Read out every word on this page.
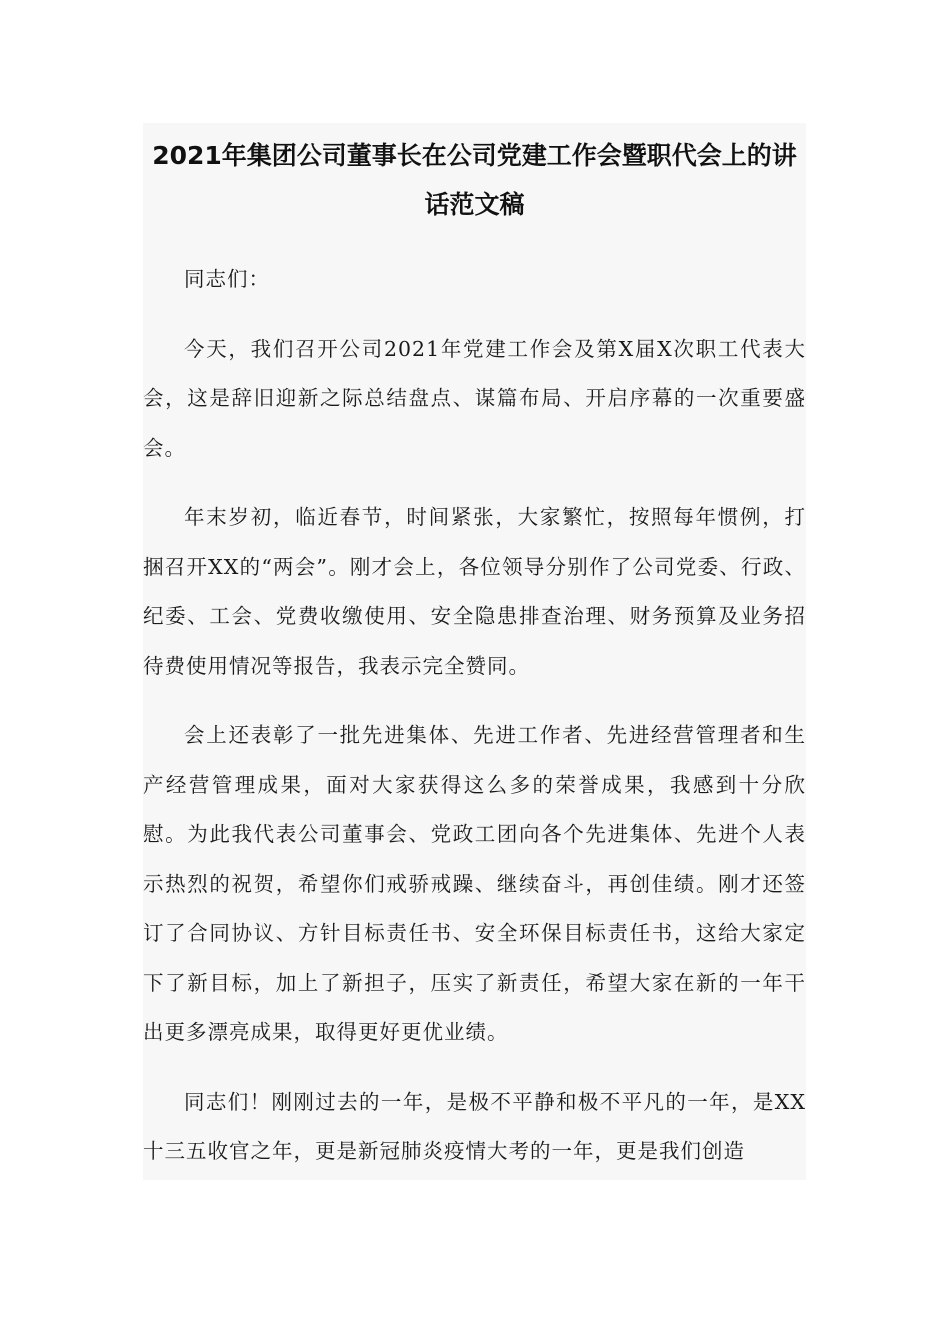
2021年集团公司董事长在公司党建工作会暨职代会上的讲话范文稿

同志们：

今天，我们召开公司2021年党建工作会及第X届X次职工代表大会，这是辞旧迎新之际总结盘点、谋篇布局、开启序幕的一次重要盛会。

年末岁初，临近春节，时间紧张，大家繁忙，按照每年惯例，打捆召开XX的“两会”。刚才会上，各位领导分别作了公司党委、行政、纪委、工会、党费收缴使用、安全隐患排查治理、财务预算及业务招待费使用情况等报告，我表示完全赞同。

会上还表彰了一批先进集体、先进工作者、先进经营管理者和生产经营管理成果，面对大家获得这么多的荣誉成果，我感到十分欣慰。为此我代表公司董事会、党政工团向各个先进集体、先进个人表示热烈的祝贺，希望你们戒骄戒躁、继续奋斗，再创佳绩。刚才还签订了合同协议、方针目标责任书、安全环保目标责任书，这给大家定下了新目标，加上了新担子，压实了新责任，希望大家在新的一年干出更多漂亮成果，取得更好更优业绩。

同志们！刚刚过去的一年，是极不平静和极不平凡的一年，是XX十三五收官之年，更是新冠肺炎疫情大考的一年，更是我们创造
